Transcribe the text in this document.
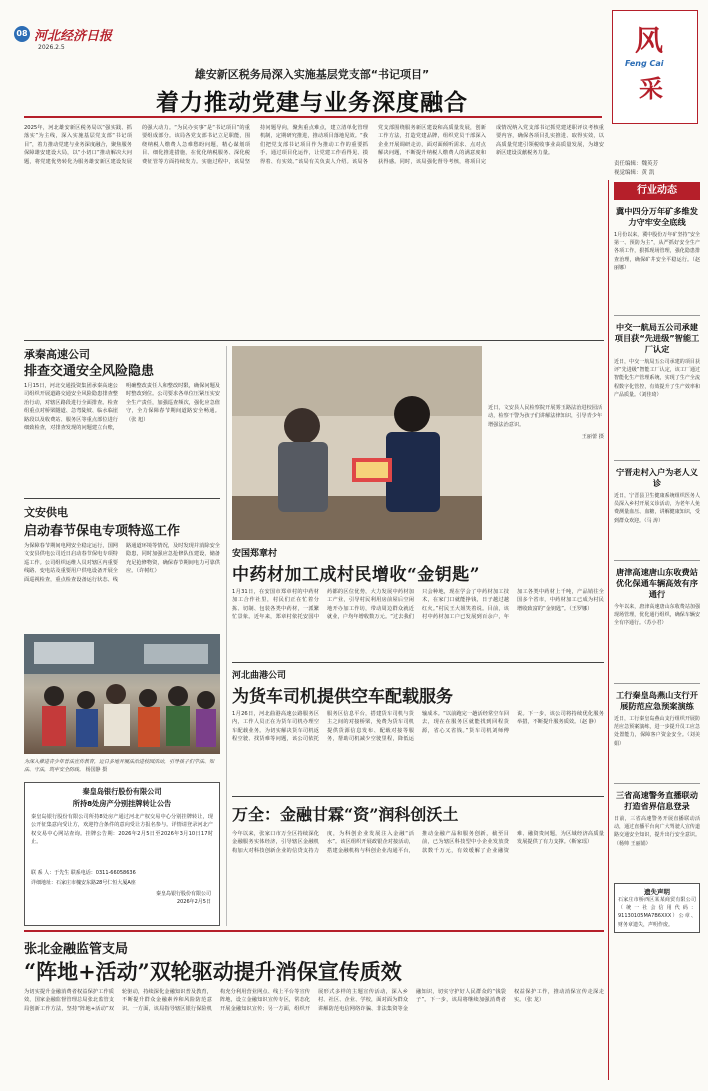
08 河北经济日报
2026.2.5	风
Feng Cai
采
责任编辑：魏英芳
视觉编辑：黄 凯
雄安新区税务局深入实施基层党支部“书记项目”
着力推动党建与业务深度融合
2025年，河北雄安新区税务局以“强实践、抓落实”为主线，深入实施基层党支部“书记项目”，着力推动党建与业务深度融合，聚焦服务保障雄安建设大局，以“小切口”推动解决大问题，将党建优势转化为服务雄安新区建设发展的强大动力。“为民办实事”是“书记项目”的重要组成部分。该局各党支部书记立足职能，围绕纳税人缴费人急难愁盼问题，精心谋划项目、细化推进措施，在优化纳税服务、深化税费征管等方面持续发力。实施过程中，该局坚持问题导向，聚焦重点难点，建立清单化管理机制，定期研究推进，推动项目落地见效。“我们把党支部书记项目作为推动工作的重要抓手，通过项目化运作，让党建工作看得见、摸得着、有实效。”该局有关负责人介绍。该局各党支部围绕服务新区建设和高质量发展，创新工作方法，打造党建品牌，组织党员干部深入企业开展调研走访，面对面倾听需求、点对点解决问题，不断提升纳税人缴费人的满意度和获得感。同时，该局强化督导考核，将项目完成情况纳入党支部书记抓党建述职评议考核重要内容，确保各项目扎实推进、取得实效，以高质量党建引领税收事业高质量发展，为雄安新区建设贡献税务力量。
承秦高速公司
排查交通安全风险隐患
1月15日，河北交通投资集团承秦高速公司组织开展道路交通安全风险隐患排查整治行动，对辖区路段进行全面排查。检查组重点对桥梁隧道、急弯陡坡、临水临崖路段以及收费站、服务区等重点部位进行细致检查，对排查发现的问题建立台账，明确整改责任人和整改时限，确保问题及时整改到位。公司要求各单位压紧压实安全生产责任，加强巡查频次，强化应急值守，全力保障春节期间道路安全畅通。（张 旭）
文安供电
启动春节保电专项特巡工作
为保障春节期间电网安全稳定运行，国网文安县供电公司近日启动春节保电专项特巡工作。公司组织运维人员对辖区内重要线路、变电站及重要用户供电设备开展全面巡视检查，重点检查设备运行状态、线路通道环境等情况，及时发现并消除安全隐患，同时加强应急抢修队伍建设，储备充足抢修物资，确保春节期间电力可靠供应。（许树红）
为深入推进青少年普法宣传教育，近日多地开展法治进校园活动，引导孩子们学法、知法、守法，筑牢安全防线。 杨国静 摄
秦皇岛银行股份有限公司
所持8处房产分别挂牌转让公告
秦皇岛银行股份有限公司所持8处房产通过河北产权交易中心分别挂牌转让，现公开征集意向受让方，欢迎符合条件的意向受让方报名参与。详情请登录河北产权交易中心网站查询。挂牌公告期：2026年2月5日至2026年3月10日17时止。
联 系 人：于先生 联系电话：0311-66058636
详细地址：石家庄市槐安东路28号仁恒大厦A座
秦皇岛银行股份有限公司
2026年2月5日
近日，文安县人民检察院开展雾玉路法治进校园活动，检察干警为孩子们讲解法律知识，引导青少年增强法治意识。
王丽蕾 摄
安国郑章村
中药材加工成村民增收“金钥匙”
1月31日，在安国市郑章村的中药材加工合作社里，村民们正在忙着分拣、切制、包装各类中药材，一派繁忙景象。近年来，郑章村依托安国中药都的区位优势，大力发展中药材加工产业，引导村民利用房前屋后空闲地开办加工作坊，带动周边群众就近就业，户均年增收数万元。“过去我们只会种地，现在学会了中药材加工技术，在家门口就能挣钱，日子越过越红火。”村民王大姐笑着说。目前，该村中药材加工户已发展到百余户，年加工各类中药材上千吨，产品销往全国多个省市，中药材加工已成为村民增收致富的“金钥匙”。（王罗娜）
河北曲港公司
为货车司机提供空车配载服务
1月26日，河北曲港高速公路服务区内，工作人员正在为货车司机办理空车配载业务。为切实解决货车司机返程空驶、找货难等问题，该公司依托服务区信息平台，搭建货车司机与货主之间的对接桥梁，免费为货车司机提供货源信息发布、配载对接等服务，帮助司机减少空驶里程，降低运输成本。“以前跑完一趟活经常空车回去，现在在服务区就能找到回程货源，省心又省钱。”货车司机刘师傅说。下一步，该公司将持续优化服务举措，不断提升服务质效。（赵 静）
万全：金融甘霖“资”润科创沃土
今年以来，张家口市万全区持续深化金融服务实体经济，引导辖区金融机构加大对科技创新企业的信贷支持力度，为科创企业发展注入金融“活水”。该区组织开展政银企对接活动，搭建金融机构与科创企业沟通平台，推动金融产品和服务创新，截至目前，已为辖区科技型中小企业发放贷款数千万元，有效缓解了企业融资难、融资贵问题，为区域经济高质量发展提供了有力支撑。（靳家瑶）
张北金融监管支局
“阵地+活动”双轮驱动提升消保宣传质效
为切实提升金融消费者权益保护工作质效，国家金融监督管理总局张北监管支局创新工作方法，坚持“阵地+活动”双轮驱动，持续深化金融知识普及教育，不断提升群众金融素养和风险防范意识。一方面，该局指导辖区银行保险机构充分利用营业网点、线上平台等宣传阵地，设立金融知识宣传专区，常态化开展金融知识宣传；另一方面，组织开展形式多样的主题宣传活动，深入乡村、社区、企业、学校，面对面为群众讲解防范电信网络诈骗、非法集资等金融知识，切实守护好人民群众的“钱袋子”。下一步，该局将继续加强消费者权益保护工作，推动消保宣传走深走实。（张 龙）
行业动态
冀中四分万年矿多维发力守牢安全底线
1月份以来，冀中股份万年矿坚持“安全第一、预防为主”，从严抓好安全生产各项工作，狠抓现场管理，强化隐患排查治理，确保矿井安全平稳运行。（赵丽娜）
中交一航局五公司承建项目获“先进级”智能工厂认定
近日，中交一航局五公司承建的项目获评“先进级”智能工厂认定，该工厂通过智能化生产管理系统，实现了生产全流程数字化管控，有效提升了生产效率和产品质量。（刘佳琦）
宁晋走村入户为老人义诊
近日，宁晋县卫生健康系统组织医务人员深入乡村开展义诊活动，为老年人免费测量血压、血糖，讲解健康知识，受到群众欢迎。（马 涛）
唐津高速唐山东收费站优化保通车辆高效有序通行
今年以来，唐津高速唐山东收费站加强现场管理，优化通行组织，确保车辆安全有序通行。（苏小君）
工行秦皇岛燕山支行开展防范应急预案演练
近日，工行秦皇岛燕山支行组织开展防范应急预案演练，进一步提升员工应急处置能力，保障客户资金安全。（刘美娟）
三省高速警务直播联动打造省界信息登录
日前，三省高速警务开展直播联动活动，通过直播平台向广大驾驶人宣传道路交通安全知识，提升出行安全意识。（杨帅 王丽娟）
遗失声明
石家庄市桥西区某某商贸有限公司（统一社会信用代码：91130105MA7B6XXX）公章、财务章遗失，声明作废。
